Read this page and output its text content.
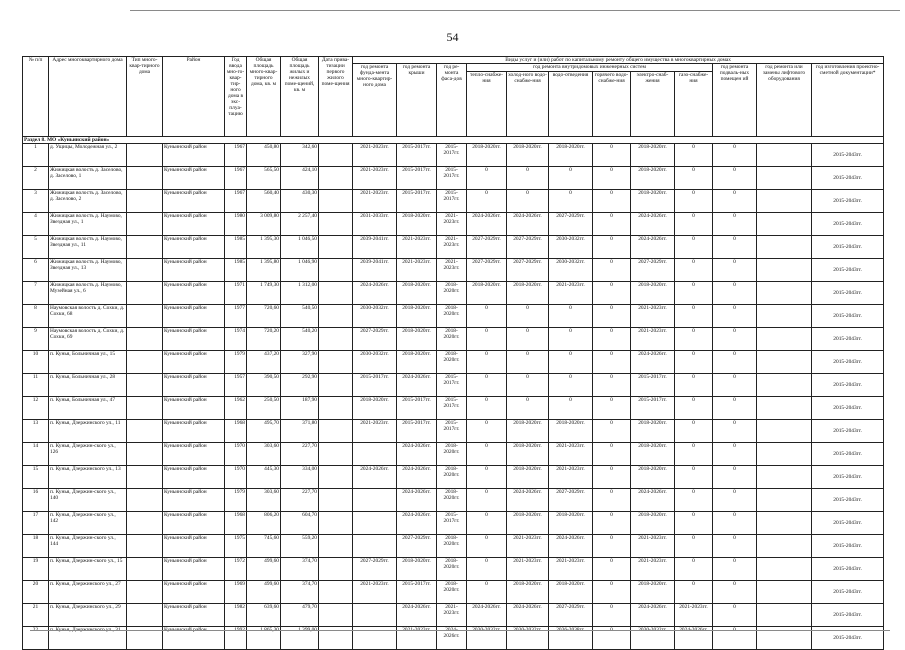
54
№ п/п	Адрес многоквартирного дома	Тип много-квар-тирного дома	Район	Год ввода мно-го-квар-тир-ного дома в экс-плуа-тацию	Общая площадь много-квар-тирного дома, кв. м	Общая площадь жилых и нежилых поме-щений, кв. м	Дата прива-тизации первого жилого поме-щения	Виды услуг и (или) работ по капитальному ремонту общего имущества в многоквартирных домах											
								год ремонта фунда-мента много-квартир-ного дома	год ремонта крыши	год ре-монта фаса-дов	год ремонта внутридомовых инженерных систем						год ремонта подваль-ных помещен ий	год ремонта или замены лифтового оборудования	год изготовления проектно-сметной документации*
											тепло-снабже-ния	холод-ного водо-снабже-ния	водо-отведения	горячего водо-снабже-ния	электро-снаб-жения	газо-снабже-ния			
Раздел 8. МО «Куньинский район»																			
1	д. Ущицы, Молодежная ул., 2		Куньинский район	1967	450,80	342,60		2021-2023гг.	2015-2017гг.	2015-2017гг.	2018-2020гг.	2018-2020гг.	2018-2020гг.	0	2018-2020гг.	0	0		2015-2043гг.
2	Жижицкая волость д. Заселово, д. Заселово, 1		Куньинский район	1967	565,50	424,10		2021-2023гг.	2015-2017гг.	2015-2017гг.	0	0	0	0	2018-2020гг.	0	0		2015-2043гг.
3	Жижицкая волость д. Заселово, д. Заселово, 2		Куньинский район	1967	560,40	430,30		2021-2023гг.	2015-2017гг.	2015-2017гг.	0	0	0	0	2018-2020гг.	0	0		2015-2043гг.
4	Жижицкая волость д. Наумово, Звездная ул., 1		Куньинский район	1980	3 009,80	2 257,40		2031-2033гг.	2018-2020гг.	2021-2023гг.	2024-2026гг.	2024-2026гг.	2027-2029гг.	0	2024-2026гг.	0	0		2015-2043гг.
5	Жижицкая волость д. Наумово, Звездная ул., 11		Куньинский район	1985	1 395,30	1 046,50		2039-2041гг.	2021-2023гг.	2021-2023гг.	2027-2029гг.	2027-2029гг.	2030-2032гг.	0	2024-2026гг.	0	0		2015-2043гг.
6	Жижицкая волость д. Наумово, Звездная ул., 13		Куньинский район	1985	1 395,80	1 046,90		2039-2041гг.	2021-2023гг.	2021-2023гг.	2027-2029гг.	2027-2029гг.	2030-2032гг.	0	2027-2029гг.	0	0		2015-2043гг.
7	Жижицкая волость д. Наумово, Музейная ул., 6		Куньинский район	1971	1 749,30	1 312,00		2024-2026гг.	2018-2020гг.	2018-2020гг.	2018-2020гг.	2018-2020гг.	2021-2023гг.	0	2018-2020гг.	0	0		2015-2043гг.
8	Наумовская волость д. Сохки, д. Сохки, 68		Куньинский район	1977	720,60	540,50		2030-2032гг.	2018-2020гг.	2018-2020гг.	0	0	0	0	2021-2023гг.	0	0		2015-2043гг.
9	Наумовская волость д. Сохки, д. Сохки, 69		Куньинский район	1974	720,20	540,20		2027-2029гг.	2018-2020гг.	2018-2020гг.	0	0	0	0	2021-2023гг.	0	0		2015-2043гг.
10	п. Кунья, Больничная ул., 15		Куньинский район	1979	437,20	327,90		2030-2032гг.	2018-2020гг.	2018-2020гг.	0	0	0	0	2024-2026гг.	0	0		2015-2043гг.
11	п. Кунья, Больничная ул., 28		Куньинский район	1957	390,50	292,90		2015-2017гг.	2024-2026гг.	2015-2017гг.	0	0	0	0	2015-2017гг.	0	0		2015-2043гг.
12	п. Кунья, Больничная ул., 47		Куньинский район	1962	250,50	187,90		2018-2020гг.	2015-2017гг.	2015-2017гг.	0	0	0	0	2015-2017гг.	0	0		2015-2043гг.
13	п. Кунья, Дзержинского ул., 11		Куньинский район	1968	495,70	371,80		2021-2023гг.	2015-2017гг.	2015-2017гг.	0	2018-2020гг.	2018-2020гг.	0	2018-2020гг.	0	0		2015-2043гг.
14	п. Кунья, Дзержин-ского ул., 126		Куньинский район	1970	303,60	227,70			2024-2026гг.	2018-2020гг.	0	2018-2020гг.	2021-2023гг.	0	2018-2020гг.	0	0		2015-2043гг.
15	п. Кунья, Дзержинского ул., 13		Куньинский район	1970	445,30	334,00		2024-2026гг.	2024-2026гг.	2018-2020гг.	0	2018-2020гг.	2021-2023гг.	0	2018-2020гг.	0	0		2015-2043гг.
16	п. Кунья, Дзержин-ского ул., 140		Куньинский район	1979	303,60	227,70			2024-2026гг.	2018-2020гг.	0	2024-2026гг.	2027-2029гг.	0	2024-2026гг.	0	0		2015-2043гг.
17	п. Кунья, Дзержин-ского ул., 142		Куньинский район	1968	806,20	604,70			2024-2026гг.	2015-2017гг.	0	2018-2020гг.	2018-2020гг.	0	2018-2020гг.	0	0		2015-2043гг.
18	п. Кунья, Дзержин-ского ул., 144		Куньинский район	1975	745,60	559,20			2027-2029гг.	2018-2020гг.	0	2021-2023гг.	2024-2026гг.	0	2021-2023гг.	0	0		2015-2043гг.
19	п. Кунья, Дзержин-ского ул., 15		Куньинский район	1972	499,60	374,70		2027-2029гг.	2018-2020гг.	2018-2020гг.	0	2021-2023гг.	2021-2023гг.	0	2021-2023гг.	0	0		2015-2043гг.
20	п. Кунья, Дзержинского ул., 27		Куньинский район	1969	499,60	374,70		2021-2023гг.	2015-2017гг.	2018-2020гг.	0	2018-2020гг.	2018-2020гг.	0	2018-2020гг.	0	0		2015-2043гг.
21	п. Кунья, Дзержинского ул., 29		Куньинский район	1982	639,60	479,70			2024-2026гг.	2021-2023гг.	2024-2026гг.	2024-2026гг.	2027-2029гг.	0	2024-2026гг.	2021-2023гг.	0		2015-2043гг.
										2026гг.									2015-2043гг.
